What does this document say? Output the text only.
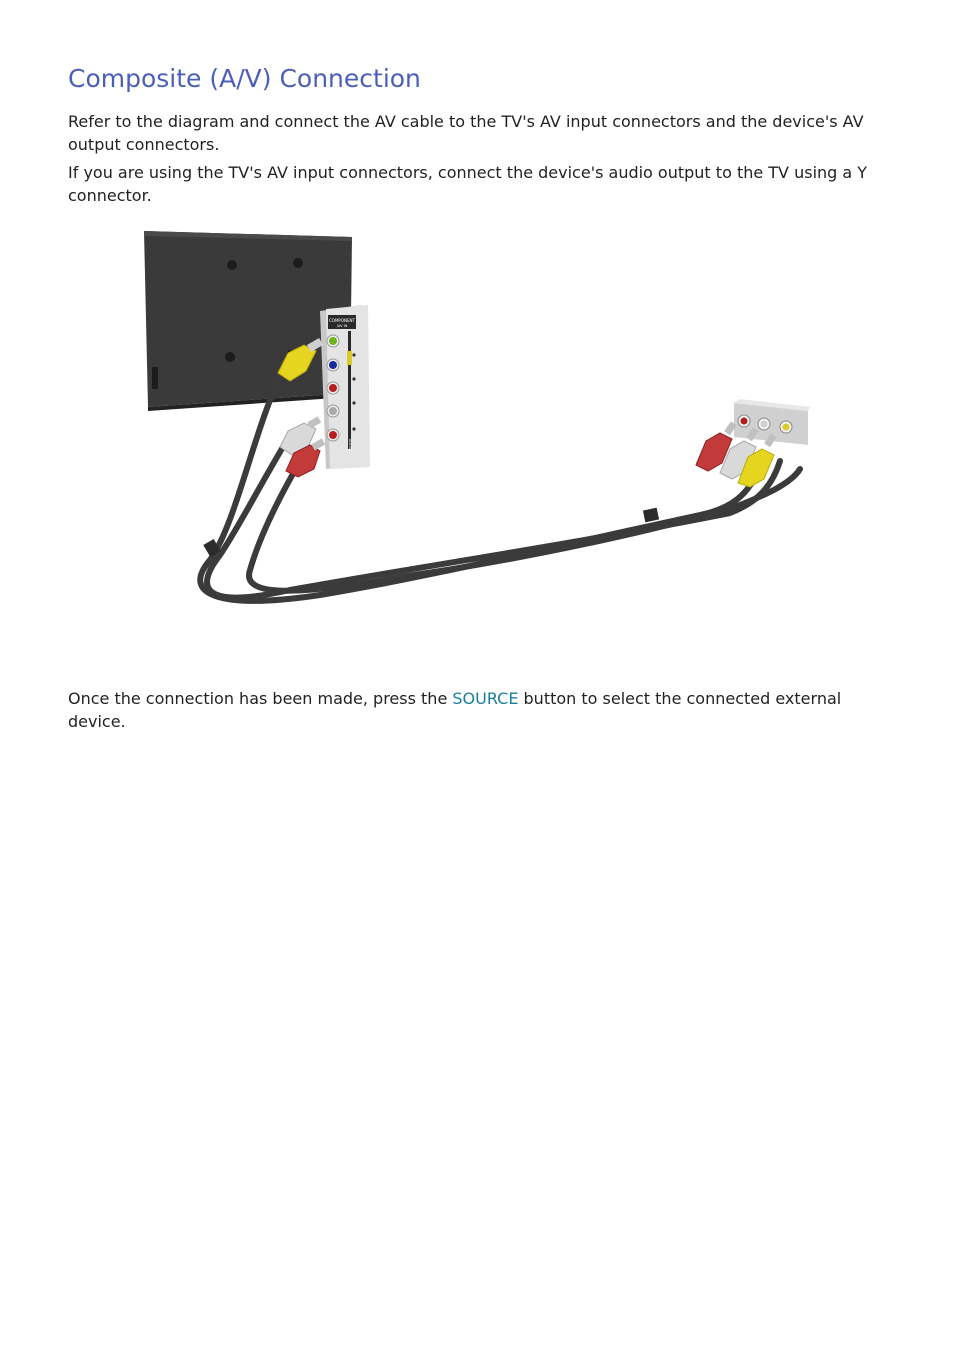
Composite (A/V) Connection

Refer to the diagram and connect the AV cable to the TV's AV input connectors and the device's AV output connectors.

If you are using the TV's AV input connectors, connect the device's audio output to the TV using a Y connector.

COMPONENT
/AV IN
AUDIO

Once the connection has been made, press the SOURCE button to select the connected external device.
